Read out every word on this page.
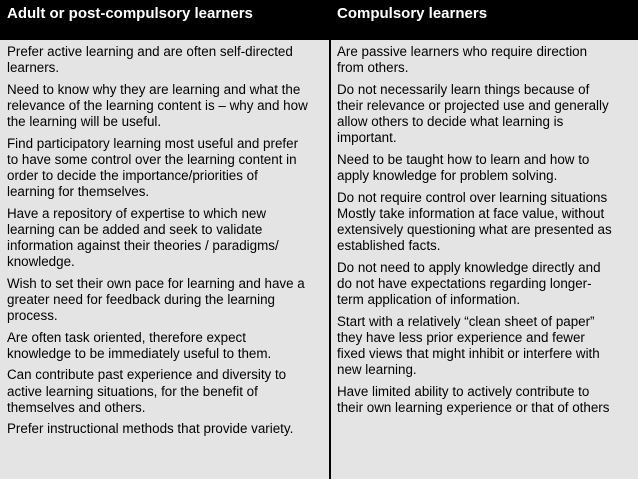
Adult or post-compulsory learners	Compulsory learners

Prefer active learning and are often self-directed
learners.

Need to know why they are learning and what the
relevance of the learning content is – why and how
the learning will be useful.

Find participatory learning most useful and prefer
to have some control over the learning content in
order to decide the importance/priorities of
learning for themselves.

Have a repository of expertise to which new
learning can be added and seek to validate
information against their theories / paradigms/
knowledge.

Wish to set their own pace for learning and have a
greater need for feedback during the learning
process.

Are often task oriented, therefore expect
knowledge to be immediately useful to them.

Can contribute past experience and diversity to
active learning situations, for the benefit of
themselves and others.

Prefer instructional methods that provide variety.

Are passive learners who require direction
from others.

Do not necessarily learn things because of
their relevance or projected use and generally
allow others to decide what learning is
important.

Need to be taught how to learn and how to
apply knowledge for problem solving.

Do not require control over learning situations
Mostly take information at face value, without
extensively questioning what are presented as
established facts.

Do not need to apply knowledge directly and
do not have expectations regarding longer-
term application of information.

Start with a relatively “clean sheet of paper”
they have less prior experience and fewer
fixed views that might inhibit or interfere with
new learning.

Have limited ability to actively contribute to
their own learning experience or that of others
